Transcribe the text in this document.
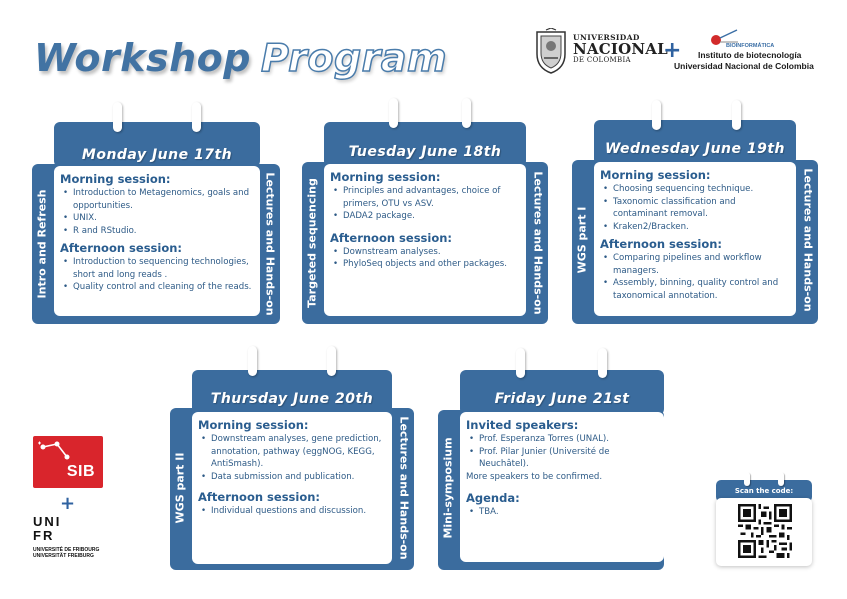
Workshop Program	UNIVERSIDAD
NACIONAL
DE COLOMBIA	+	BIOINFORMÁTICA
Instituto de biotecnología
Universidad Nacional de Colombia
Monday June 17th
Intro and Refresh	Lectures and Hands-on
Morning session:
• Introduction to Metagenomics, goals and opportunities.
• UNIX.
• R and RStudio.
Afternoon session:
• Introduction to sequencing technologies, short and long reads .
• Quality control and cleaning of the reads.
Tuesday June 18th
Targeted sequencing	Lectures and Hands-on
Morning session:
• Principles and advantages, choice of primers, OTU vs ASV.
• DADA2 package.
Afternoon session:
• Downstream analyses.
• PhyloSeq objects and other packages.
Wednesday June 19th
WGS part I	Lectures and Hands-on
Morning session:
• Choosing sequencing technique.
• Taxonomic classification and contaminant removal.
• Kraken2/Bracken.
Afternoon session:
• Comparing pipelines and workflow managers.
• Assembly, binning, quality control and taxonomical annotation.
Thursday June 20th
WGS part II	Lectures and Hands-on
Morning session:
• Downstream analyses, gene prediction, annotation, pathway (eggNOG, KEGG, AntiSmash).
• Data submission and publication.
Afternoon session:
• Individual questions and discussion.
Friday June 21st
Mini-symposium
Invited speakers:
• Prof. Esperanza Torres (UNAL).
• Prof. Pilar Junier (Université de Neuchâtel).
More speakers to be confirmed.
Agenda:
• TBA.
SIB
+
UNI
FR
UNIVERSITÉ DE FRIBOURG
UNIVERSITÄT FREIBURG
Scan the code:
